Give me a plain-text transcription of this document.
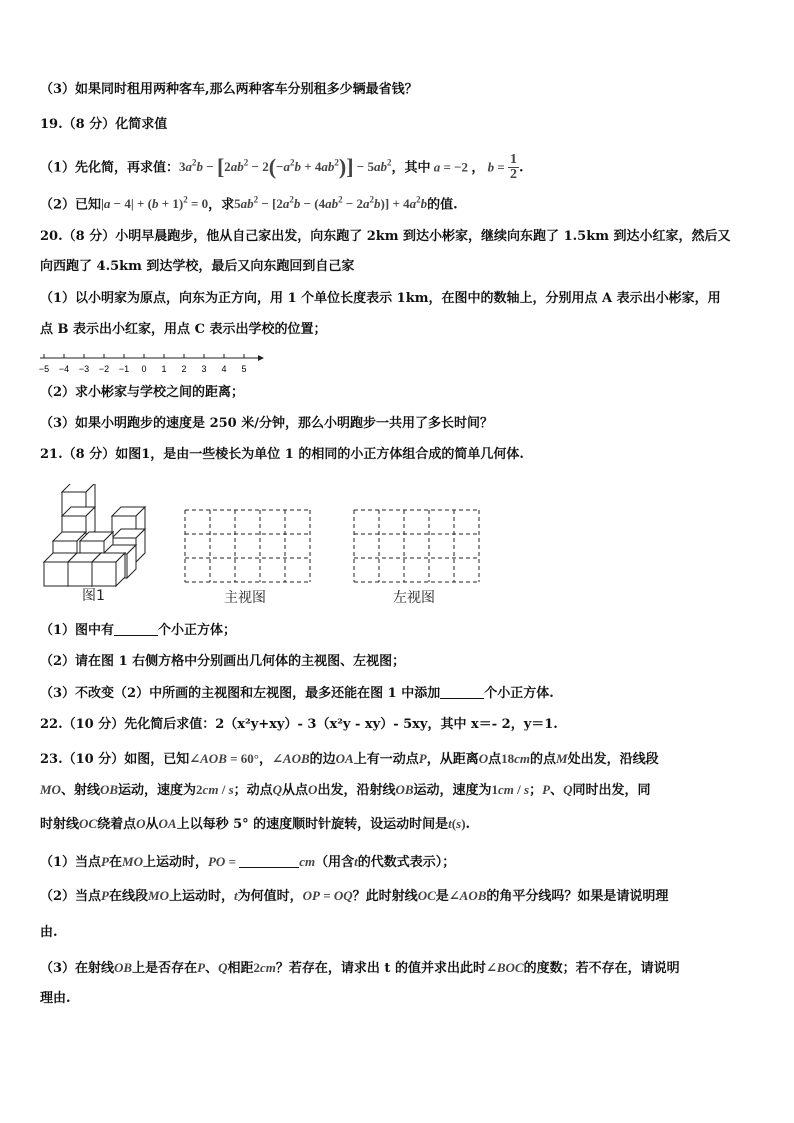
（3）如果同时租用两种客车,那么两种客车分别租多少辆最省钱？
19.（8 分）化简求值
（1）先化简，再求值：$3a^2b - [2ab^2 - 2(-a^2b + 4ab^2)] - 5ab^2$，其中 a = −2 ， $b = \frac{1}{2}$ .
（2）已知$|a - 4| + (b + 1)^2 = 0$，求$5ab^2 - [2a^2b - (4ab^2 - 2a^2b)] + 4a^2b$的值.
20.（8 分）小明早晨跑步，他从自己家出发，向东跑了 2km 到达小彬家，继续向东跑了 1.5km 到达小红家，然后又
向西跑了 4.5km 到达学校，最后又向东跑回到自己家
（1）以小明家为原点，向东为正方向，用 1 个单位长度表示 1km，在图中的数轴上，分别用点 A 表示出小彬家，用
点 B 表示出小红家，用点 C 表示出学校的位置；
−5 −4 −3 −2 −1 0 1 2 3 4 5
（2）求小彬家与学校之间的距离；
（3）如果小明跑步的速度是 250 米/分钟，那么小明跑步一共用了多长时间？
21.（8 分）如图1，是由一些棱长为单位 1 的相同的小正方体组合成的简单几何体.
图1	主视图	左视图
（1）图中有	个小正方体；
（2）请在图 1 右侧方格中分别画出几何体的主视图、左视图；
（3）不改变（2）中所画的主视图和左视图，最多还能在图 1 中添加	个小正方体.
22.（10 分）先化简后求值：2（x²y+xy）- 3（x²y - xy）- 5xy，其中 x＝- 2，y＝1.
23.（10 分）如图，已知∠AOB = 60°，∠AOB的边OA上有一动点P，从距离O点18cm的点M处出发，沿线段
MO、射线OB运动，速度为2cm / s；动点Q从点O出发，沿射线OB运动，速度为1cm / s；P、Q同时出发，同
时射线OC绕着点O从OA上以每秒 5° 的速度顺时针旋转，设运动时间是t(s).
（1）当点P在MO上运动时，PO =	cm（用含t的代数式表示）；
（2）当点P在线段MO上运动时，t为何值时，OP = OQ？此时射线OC是∠AOB的角平分线吗？如果是请说明理
由.
（3）在射线OB上是否存在P、Q相距2cm？若存在，请求出 t 的值并求出此时∠BOC的度数；若不存在，请说明
理由.
